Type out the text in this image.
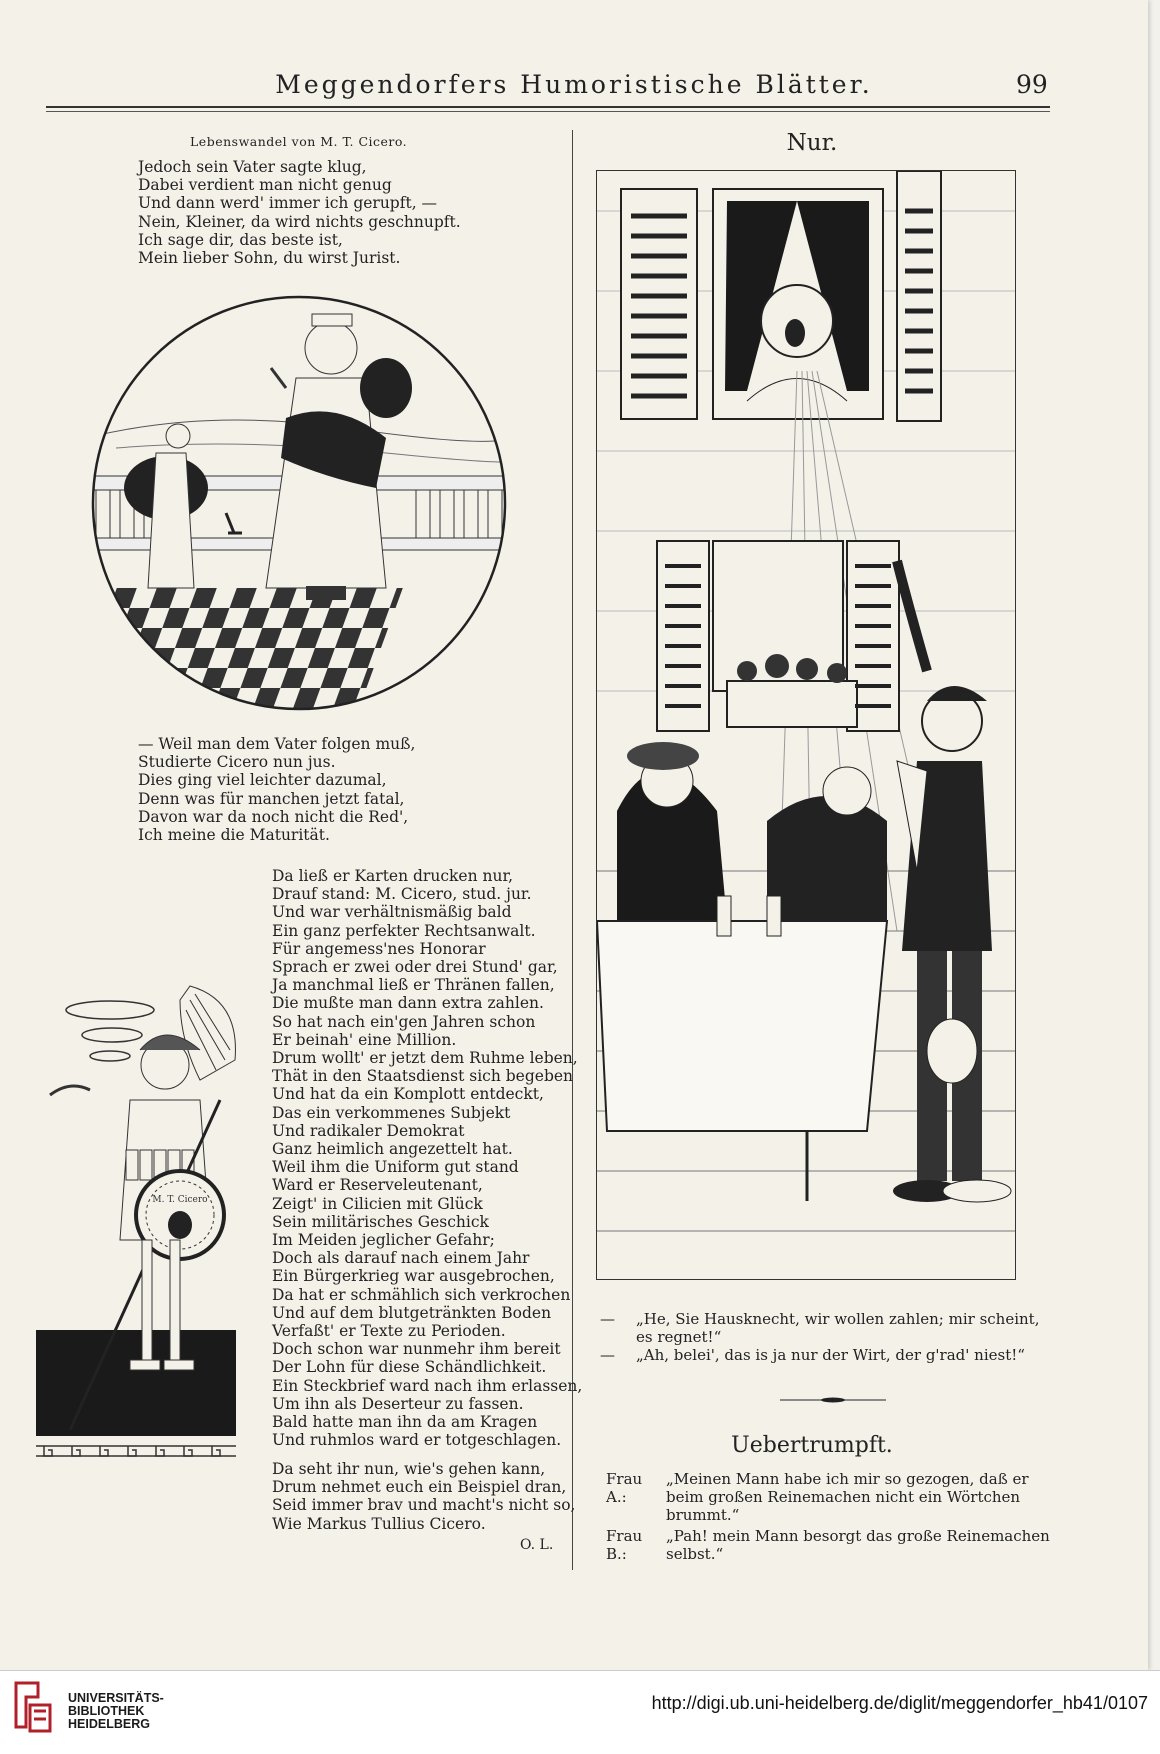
Meggendorfers Humoristische Blätter.	99
Lebenswandel von M. T. Cicero.
Jedoch sein Vater sagte klug,
Dabei verdient man nicht genug
Und dann werd' immer ich gerupft, —
Nein, Kleiner, da wird nichts geschnupft.
Ich sage dir, das beste ist,
Mein lieber Sohn, du wirst Jurist.
— Weil man dem Vater folgen muß,
Studierte Cicero nun jus.
Dies ging viel leichter dazumal,
Denn was für manchen jetzt fatal,
Davon war da noch nicht die Red',
Ich meine die Maturität.
M. T. Cicero
Da ließ er Karten drucken nur,
Drauf stand: M. Cicero, stud. jur.
Und war verhältnismäßig bald
Ein ganz perfekter Rechtsanwalt.
Für angemess'nes Honorar
Sprach er zwei oder drei Stund' gar,
Ja manchmal ließ er Thränen fallen,
Die mußte man dann extra zahlen.
So hat nach ein'gen Jahren schon
Er beinah' eine Million.
Drum wollt' er jetzt dem Ruhme leben,
Thät in den Staatsdienst sich begeben
Und hat da ein Komplott entdeckt,
Das ein verkommenes Subjekt
Und radikaler Demokrat
Ganz heimlich angezettelt hat.
Weil ihm die Uniform gut stand
Ward er Reserveleutenant,
Zeigt' in Cilicien mit Glück
Sein militärisches Geschick
Im Meiden jeglicher Gefahr;
Doch als darauf nach einem Jahr
Ein Bürgerkrieg war ausgebrochen,
Da hat er schmählich sich verkrochen
Und auf dem blutgetränkten Boden
Verfaßt' er Texte zu Perioden.
Doch schon war nunmehr ihm bereit
Der Lohn für diese Schändlichkeit.
Ein Steckbrief ward nach ihm erlassen,
Um ihn als Deserteur zu fassen.
Bald hatte man ihn da am Kragen
Und ruhmlos ward er totgeschlagen.
Da seht ihr nun, wie's gehen kann,
Drum nehmet euch ein Beispiel dran,
Seid immer brav und macht's nicht so,
Wie Markus Tullius Cicero.
O. L.
Nur.
—	„He, Sie Hausknecht, wir wollen zahlen; mir scheint, es regnet!“
—	„Ah, belei', das is ja nur der Wirt, der g'rad' niest!“
Uebertrumpft.
Frau A.:
„Meinen Mann habe ich mir so gezogen, daß er beim großen Reinemachen nicht ein Wörtchen brummt.“
Frau B.:
„Pah! mein Mann besorgt das große Reinemachen selbst.“
UNIVERSITÄTS-
BIBLIOTHEK
HEIDELBERG
http://digi.ub.uni-heidelberg.de/diglit/meggendorfer_hb41/0107
